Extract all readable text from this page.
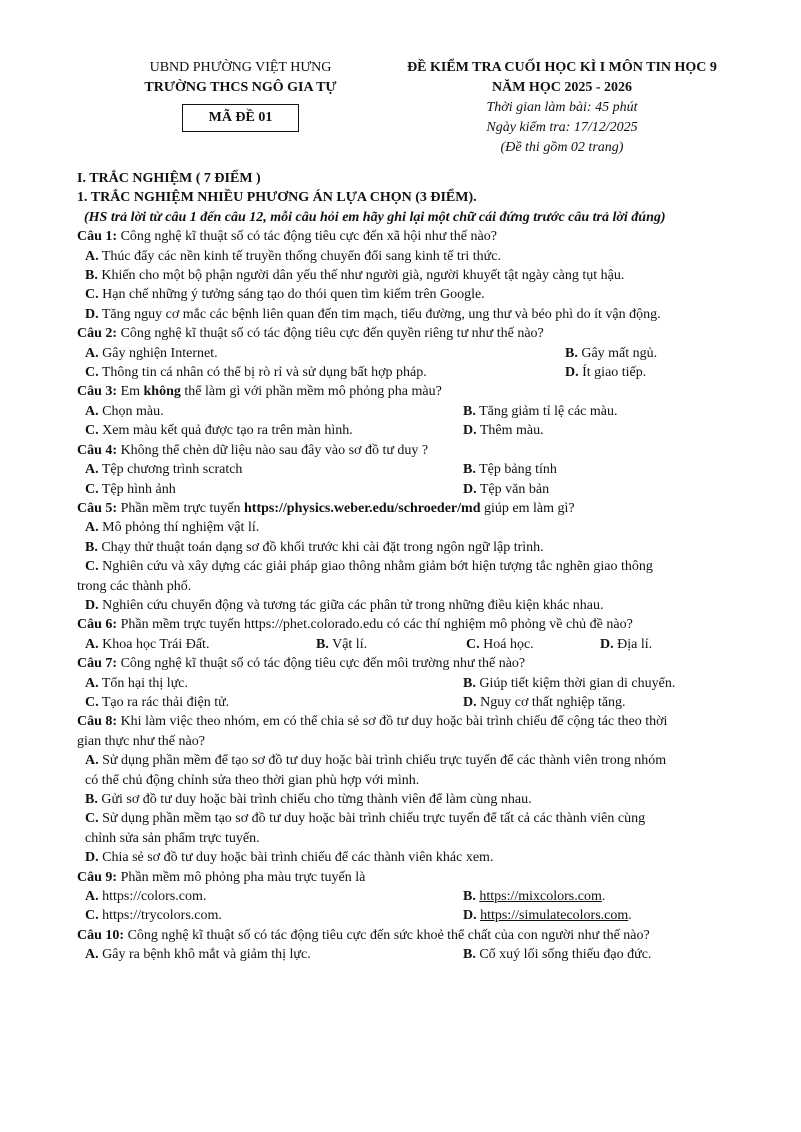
UBND PHƯỜNG VIỆT HƯNG
TRƯỜNG THCS NGÔ GIA TỰ
MÃ ĐỀ 01
ĐỀ KIỂM TRA CUỐI HỌC KÌ I MÔN TIN HỌC 9
NĂM HỌC 2025 - 2026
Thời gian làm bài: 45 phút
Ngày kiểm tra: 17/12/2025
(Đề thi gồm 02 trang)
I. TRẮC NGHIỆM ( 7 ĐIỂM )
1. TRẮC NGHIỆM NHIỀU PHƯƠNG ÁN LỰA CHỌN (3 ĐIỂM).
(HS trả lời từ câu 1 đến câu 12, mỗi câu hỏi em hãy ghi lại một chữ cái đứng trước câu trả lời đúng)
Câu 1: Công nghệ kĩ thuật số có tác động tiêu cực đến xã hội như thế nào?
A. Thúc đẩy các nền kinh tế truyền thống chuyển đổi sang kinh tế tri thức.
B. Khiến cho một bộ phận người dân yếu thế như người già, người khuyết tật ngày càng tụt hậu.
C. Hạn chế những ý tưởng sáng tạo do thói quen tìm kiếm trên Google.
D. Tăng nguy cơ mắc các bệnh liên quan đến tim mạch, tiểu đường, ung thư và béo phì do ít vận động.
Câu 2: Công nghệ kĩ thuật số có tác động tiêu cực đến quyền riêng tư như thế nào?
A. Gây nghiện Internet.	B. Gây mất ngủ.
C. Thông tin cá nhân có thể bị rò rỉ và sử dụng bất hợp pháp.	D. Ít giao tiếp.
Câu 3: Em không thể làm gì với phần mềm mô phỏng pha màu?
A. Chọn màu.	B. Tăng giảm tỉ lệ các màu.
C. Xem màu kết quả được tạo ra trên màn hình.	D. Thêm màu.
Câu 4: Không thể chèn dữ liệu nào sau đây vào sơ đồ tư duy ?
A. Tệp chương trình scratch	B. Tệp bảng tính
C. Tệp hình ảnh	D. Tệp văn bản
Câu 5: Phần mềm trực tuyến https://physics.weber.edu/schroeder/md giúp em làm gì?
A. Mô phỏng thí nghiệm vật lí.
B. Chạy thử thuật toán dạng sơ đồ khối trước khi cài đặt trong ngôn ngữ lập trình.
C. Nghiên cứu và xây dựng các giải pháp giao thông nhằm giảm bớt hiện tượng tắc nghẽn giao thông
trong các thành phố.
D. Nghiên cứu chuyển động và tương tác giữa các phân tử trong những điều kiện khác nhau.
Câu 6: Phần mềm trực tuyến https://phet.colorado.edu có các thí nghiệm mô phỏng về chủ đề nào?
A. Khoa học Trái Đất.	B. Vật lí.	C. Hoá học.	D. Địa lí.
Câu 7: Công nghệ kĩ thuật số có tác động tiêu cực đến môi trường như thế nào?
A. Tổn hại thị lực.	B. Giúp tiết kiệm thời gian di chuyển.
C. Tạo ra rác thải điện tử.	D. Nguy cơ thất nghiệp tăng.
Câu 8: Khi làm việc theo nhóm, em có thể chia sẻ sơ đồ tư duy hoặc bài trình chiếu để cộng tác theo thời
gian thực như thế nào?
A. Sử dụng phần mềm để tạo sơ đồ tư duy hoặc bài trình chiếu trực tuyến để các thành viên trong nhóm
có thể chủ động chỉnh sửa theo thời gian phù hợp với mình.
B. Gửi sơ đồ tư duy hoặc bài trình chiếu cho từng thành viên để làm cùng nhau.
C. Sử dụng phần mềm tạo sơ đồ tư duy hoặc bài trình chiếu trực tuyến để tất cả các thành viên cùng
chỉnh sửa sản phẩm trực tuyến.
D. Chia sẻ sơ đồ tư duy hoặc bài trình chiếu để các thành viên khác xem.
Câu 9: Phần mềm mô phỏng pha màu trực tuyến là
A. https://colors.com.	B. https://mixcolors.com.
C. https://trycolors.com.	D. https://simulatecolors.com.
Câu 10: Công nghệ kĩ thuật số có tác động tiêu cực đến sức khoẻ thể chất của con người như thế nào?
A. Gây ra bệnh khô mắt và giảm thị lực.	B. Cổ xuý lối sống thiếu đạo đức.
